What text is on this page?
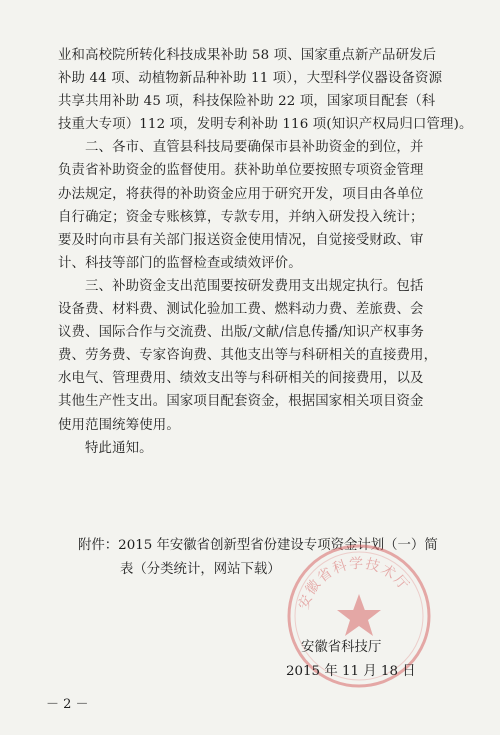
业和高校院所转化科技成果补助 58 项、国家重点新产品研发后
补助 44 项、动植物新品种补助 11 项），大型科学仪器设备资源
共享共用补助 45 项，科技保险补助 22 项，国家项目配套（科
技重大专项）112 项，发明专利补助 116 项(知识产权局归口管理)。
二、各市、直管县科技局要确保市县补助资金的到位，并
负责省补助资金的监督使用。获补助单位要按照专项资金管理
办法规定，将获得的补助资金应用于研究开发，项目由各单位
自行确定；资金专账核算，专款专用，并纳入研发投入统计；
要及时向市县有关部门报送资金使用情况，自觉接受财政、审
计、科技等部门的监督检查或绩效评价。
三、补助资金支出范围要按研发费用支出规定执行。包括
设备费、材料费、测试化验加工费、燃料动力费、差旅费、会
议费、国际合作与交流费、出版/文献/信息传播/知识产权事务
费、劳务费、专家咨询费、其他支出等与科研相关的直接费用，
水电气、管理费用、绩效支出等与科研相关的间接费用，以及
其他生产性支出。国家项目配套资金，根据国家相关项目资金
使用范围统筹使用。
特此通知。
附件：2015 年安徽省创新型省份建设专项资金计划（一）简
表（分类统计，网站下载）
安徽省科学技术厅
安徽省科技厅
2015 年 11 月 18 日
－ 2 －
